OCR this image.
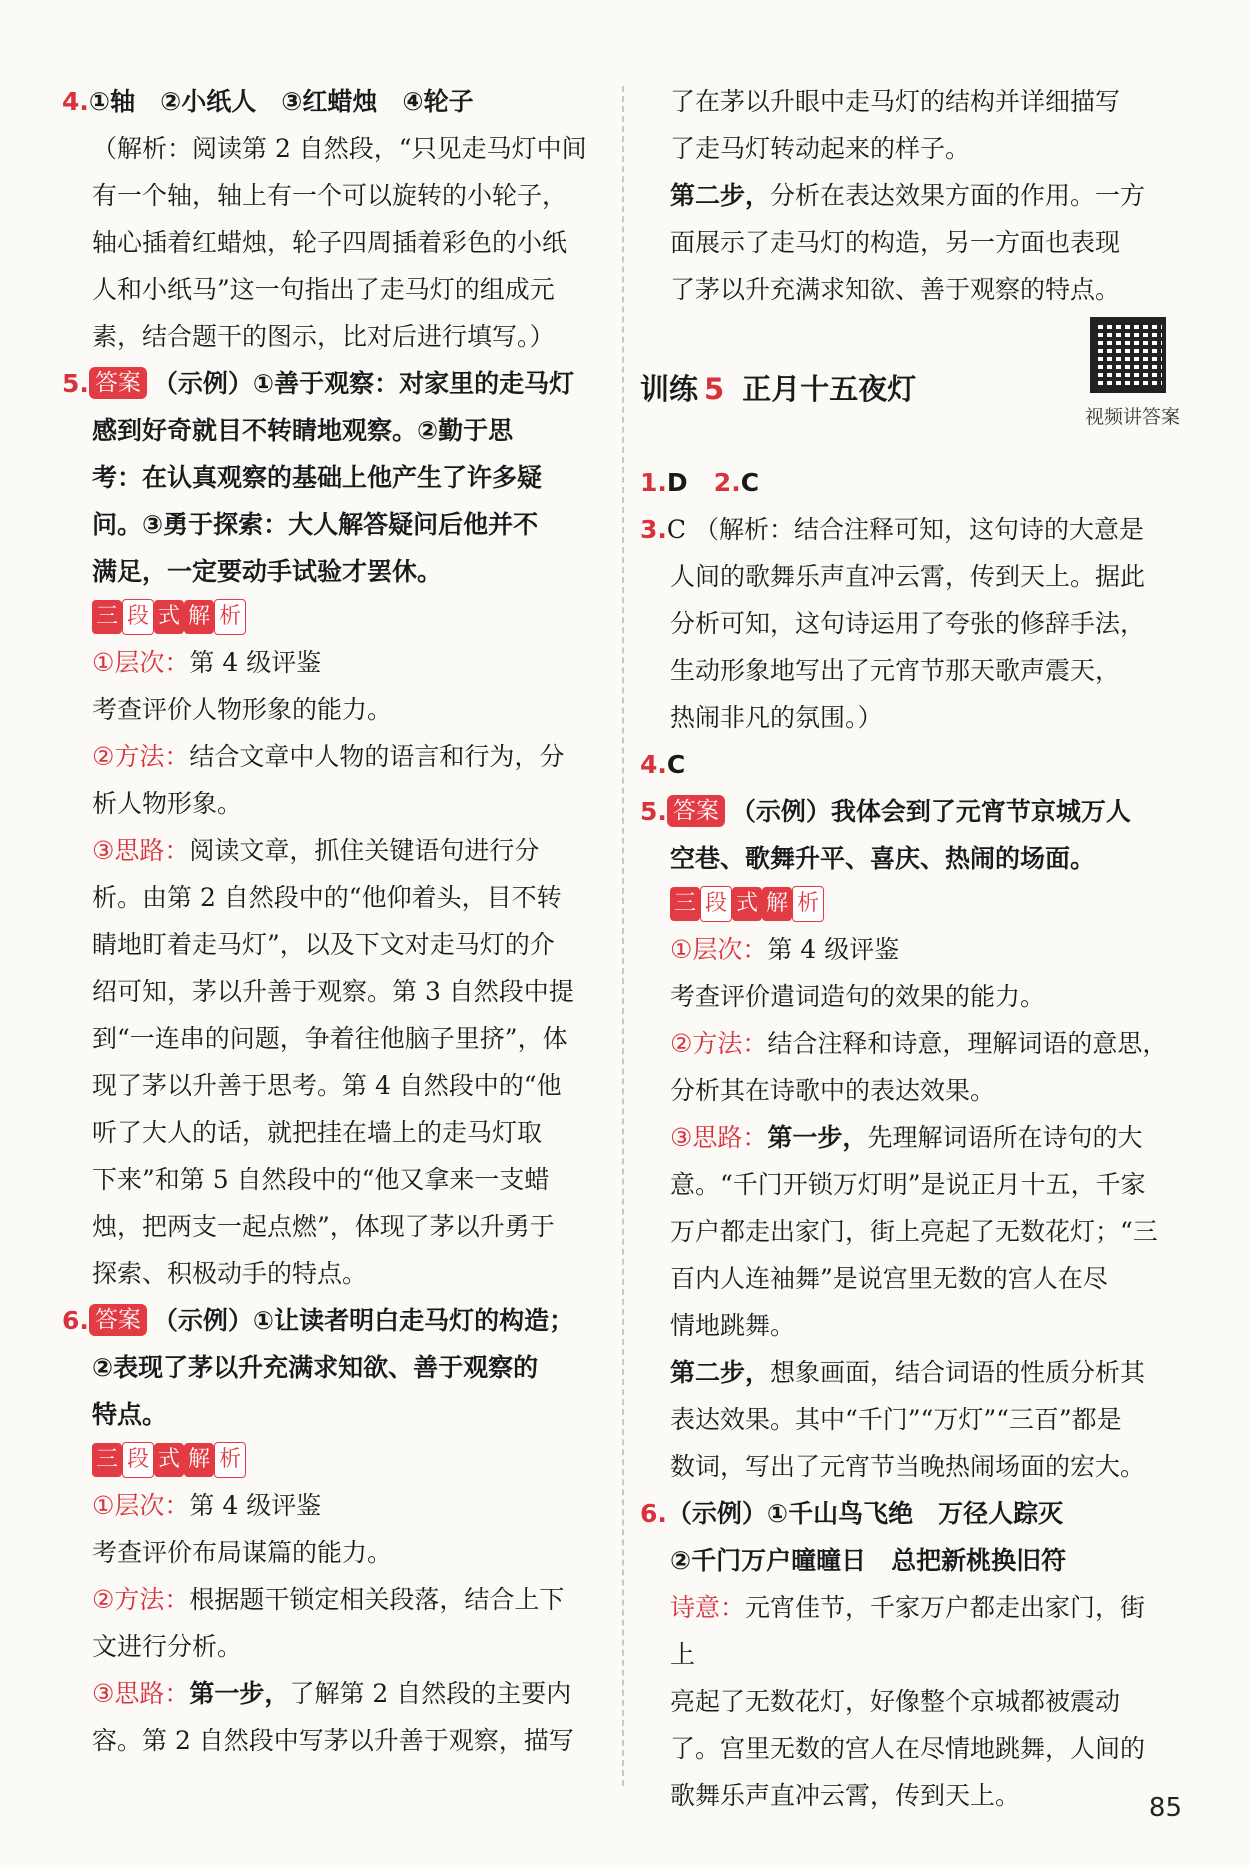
4.①轴　②小纸人　③红蜡烛　④轮子

（解析：阅读第 2 自然段，“只见走马灯中间

有一个轴，轴上有一个可以旋转的小轮子，

轴心插着红蜡烛，轮子四周插着彩色的小纸

人和小纸马”这一句指出了走马灯的组成元

素，结合题干的图示，比对后进行填写。）

5. 答案 （示例）①善于观察：对家里的走马灯

感到好奇就目不转睛地观察。②勤于思

考：在认真观察的基础上他产生了许多疑

问。③勇于探索：大人解答疑问后他并不

满足，一定要动手试验才罢休。

三 段 式 解 析

①层次：第 4 级评鉴

考查评价人物形象的能力。

②方法：结合文章中人物的语言和行为，分

析人物形象。

③思路：阅读文章，抓住关键语句进行分

析。由第 2 自然段中的“他仰着头，目不转

睛地盯着走马灯”，以及下文对走马灯的介

绍可知，茅以升善于观察。第 3 自然段中提

到“一连串的问题，争着往他脑子里挤”，体

现了茅以升善于思考。第 4 自然段中的“他

听了大人的话，就把挂在墙上的走马灯取

下来”和第 5 自然段中的“他又拿来一支蜡

烛，把两支一起点燃”，体现了茅以升勇于

探索、积极动手的特点。

6. 答案 （示例）①让读者明白走马灯的构造；

②表现了茅以升充满求知欲、善于观察的

特点。

三 段 式 解 析

①层次：第 4 级评鉴

考查评价布局谋篇的能力。

②方法：根据题干锁定相关段落，结合上下

文进行分析。

③思路：第一步，了解第 2 自然段的主要内

容。第 2 自然段中写茅以升善于观察，描写

了在茅以升眼中走马灯的结构并详细描写

了走马灯转动起来的样子。

第二步，分析在表达效果方面的作用。一方

面展示了走马灯的构造，另一方面也表现

了茅以升充满求知欲、善于观察的特点。

训练 5 正月十五夜灯
视频讲答案

1.D 2.C

3.C （解析：结合注释可知，这句诗的大意是

人间的歌舞乐声直冲云霄，传到天上。据此

分析可知，这句诗运用了夸张的修辞手法，

生动形象地写出了元宵节那天歌声震天，

热闹非凡的氛围。）

4.C

5. 答案 （示例）我体会到了元宵节京城万人

空巷、歌舞升平、喜庆、热闹的场面。

三 段 式 解 析

①层次：第 4 级评鉴

考查评价遣词造句的效果的能力。

②方法：结合注释和诗意，理解词语的意思，

分析其在诗歌中的表达效果。

③思路：第一步，先理解词语所在诗句的大

意。“千门开锁万灯明”是说正月十五，千家

万户都走出家门，街上亮起了无数花灯；“三

百内人连袖舞”是说宫里无数的宫人在尽

情地跳舞。

第二步，想象画面，结合词语的性质分析其

表达效果。其中“千门”“万灯”“三百”都是

数词，写出了元宵节当晚热闹场面的宏大。

6.（示例）①千山鸟飞绝　万径人踪灭

②千门万户曈曈日　总把新桃换旧符

诗意：元宵佳节，千家万户都走出家门，街上

亮起了无数花灯，好像整个京城都被震动

了。宫里无数的宫人在尽情地跳舞，人间的

歌舞乐声直冲云霄，传到天上。	85
